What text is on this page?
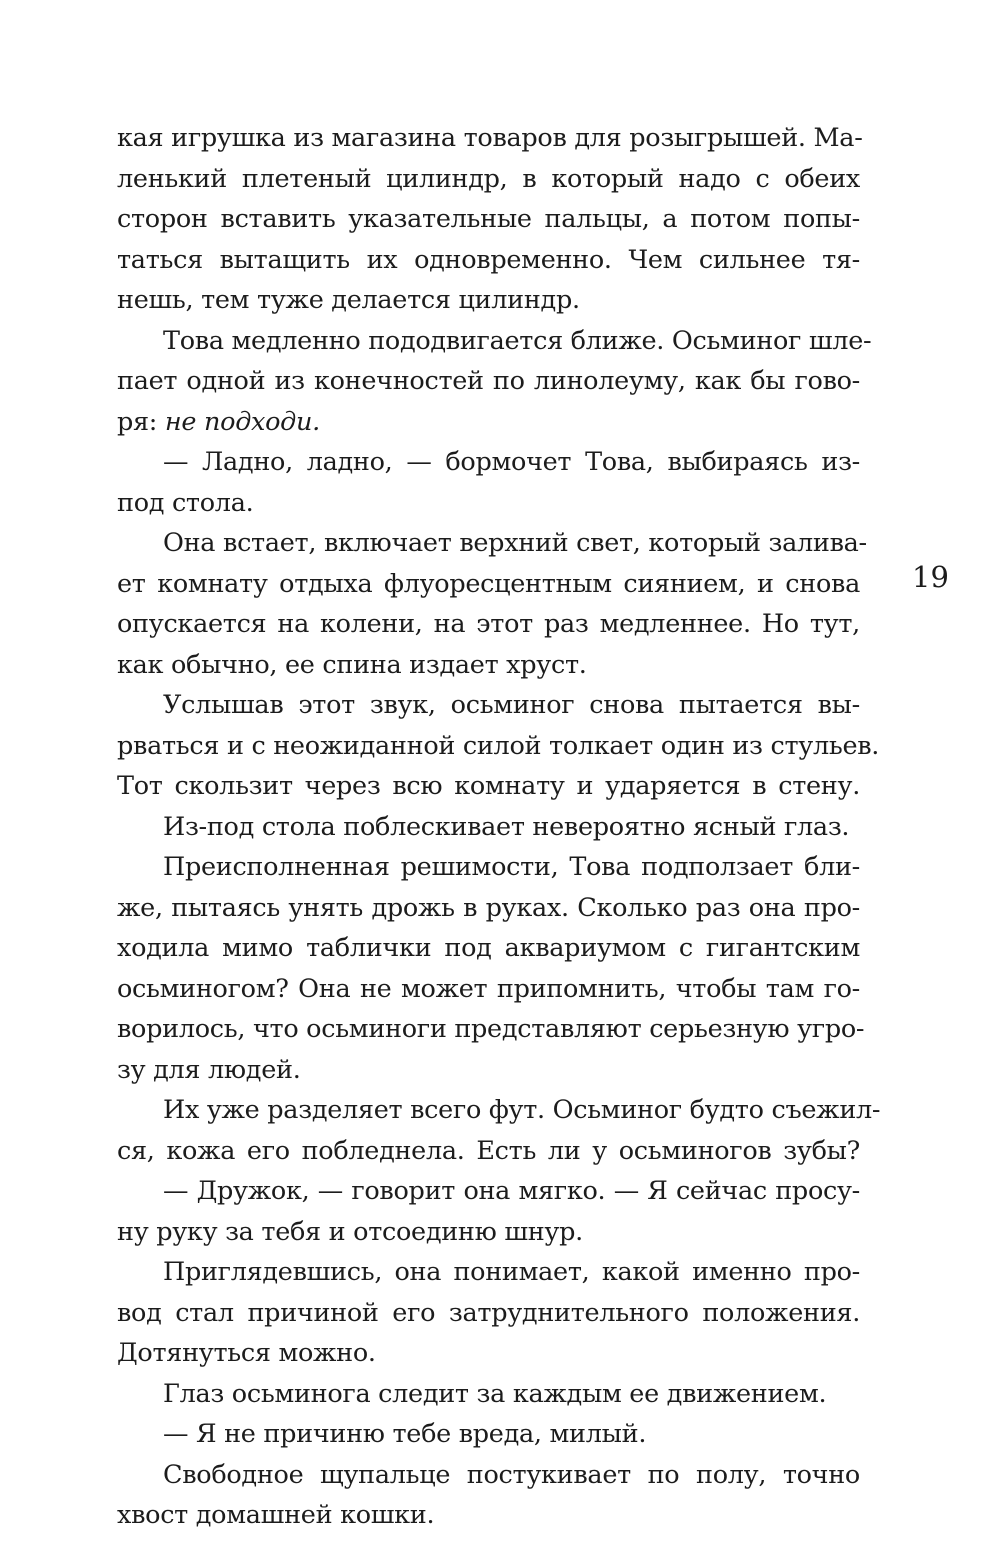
кая игрушка из магазина товаров для розыгрышей. Ма-
ленький плетеный цилиндр, в который надо с обеих
сторон вставить указательные пальцы, а потом попы-
таться вытащить их одновременно. Чем сильнее тя-
нешь, тем туже делается цилиндр.
Това медленно пододвигается ближе. Осьминог шле-
пает одной из конечностей по линолеуму, как бы гово-
ря: не подходи.
— Ладно, ладно, — бормочет Това, выбираясь из-
под стола.
Она встает, включает верхний свет, который залива-
ет комнату отдыха флуоресцентным сиянием, и снова
опускается на колени, на этот раз медленнее. Но тут,
как обычно, ее спина издает хруст.
Услышав этот звук, осьминог снова пытается вы-
рваться и с неожиданной силой толкает один из стульев.
Тот скользит через всю комнату и ударяется в стену.
Из-под стола поблескивает невероятно ясный глаз.
Преисполненная решимости, Това подползает бли-
же, пытаясь унять дрожь в руках. Сколько раз она про-
ходила мимо таблички под аквариумом с гигантским
осьминогом? Она не может припомнить, чтобы там го-
ворилось, что осьминоги представляют серьезную угро-
зу для людей.
Их уже разделяет всего фут. Осьминог будто съежил-
ся, кожа его побледнела. Есть ли у осьминогов зубы?
— Дружок, — говорит она мягко. — Я сейчас просу-
ну руку за тебя и отсоединю шнур.
Приглядевшись, она понимает, какой именно про-
вод стал причиной его затруднительного положения.
Дотянуться можно.
Глаз осьминога следит за каждым ее движением.
— Я не причиню тебе вреда, милый.
Свободное щупальце постукивает по полу, точно
хвост домашней кошки.
19
